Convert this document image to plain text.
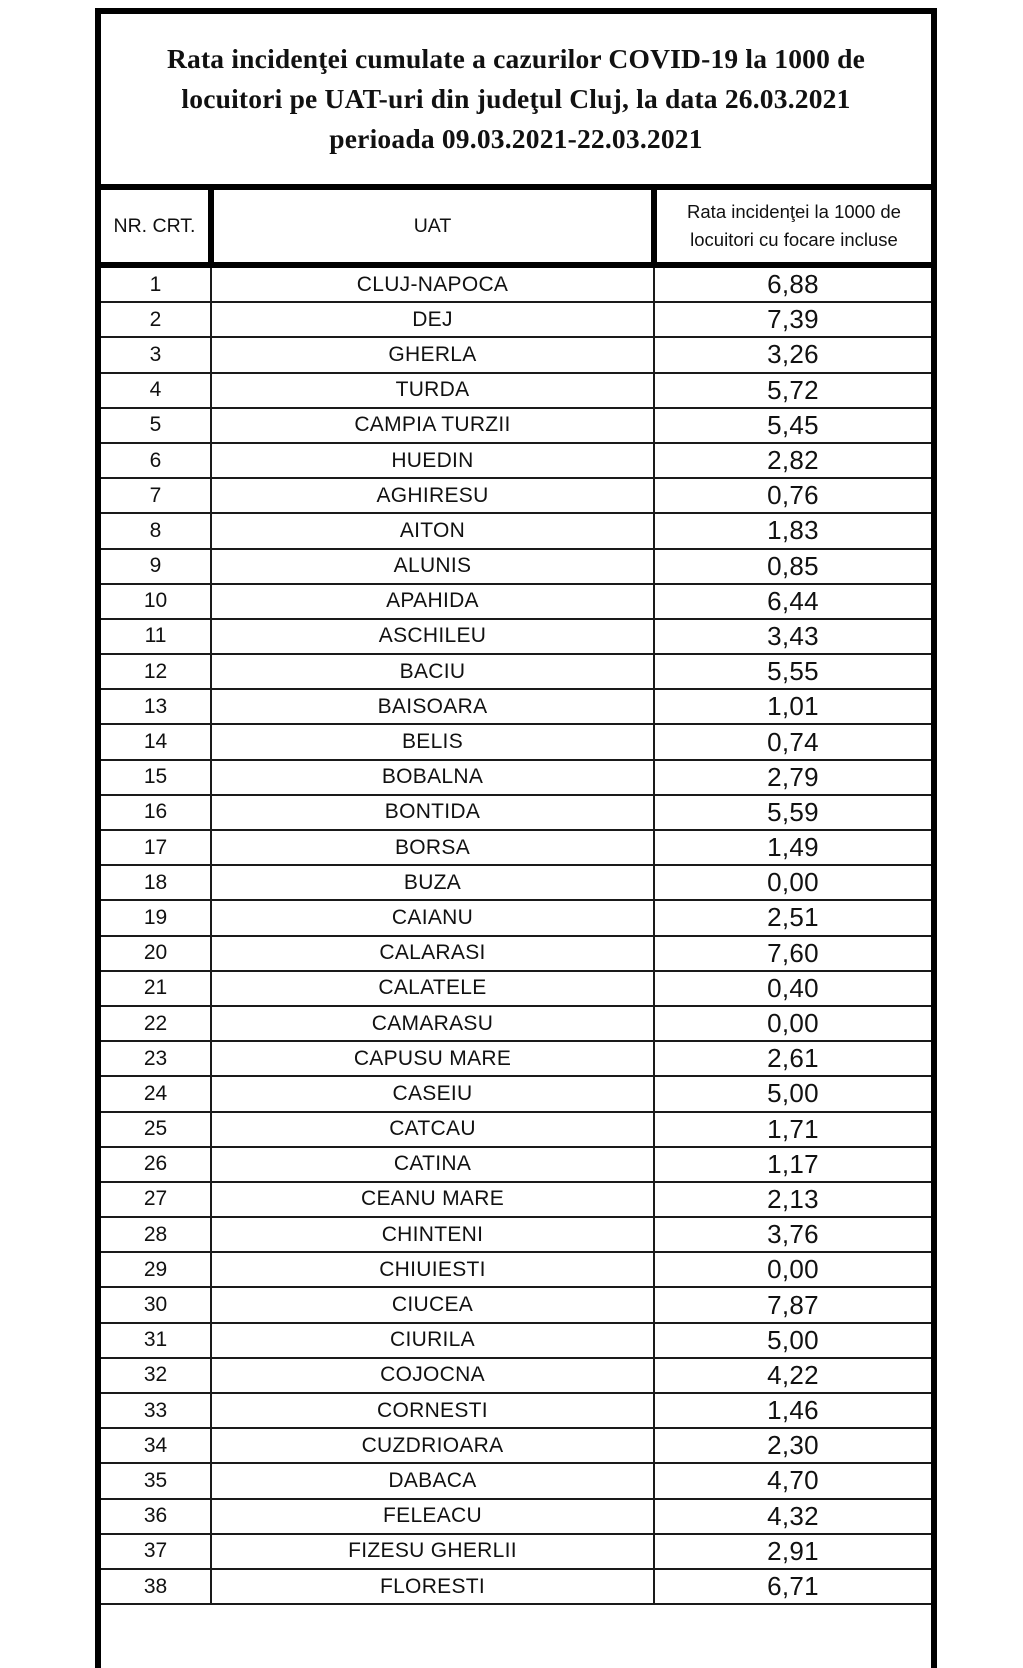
Rata incidenţei cumulate a cazurilor COVID-19 la 1000 de
locuitori pe UAT-uri din judeţul Cluj, la data 26.03.2021
perioada 09.03.2021-22.03.2021
NR. CRT.	UAT	Rata incidenţei la 1000 de
locuitori cu focare incluse

1	CLUJ-NAPOCA	6,88
2	DEJ	7,39
3	GHERLA	3,26
4	TURDA	5,72
5	CAMPIA TURZII	5,45
6	HUEDIN	2,82
7	AGHIRESU	0,76
8	AITON	1,83
9	ALUNIS	0,85
10	APAHIDA	6,44
11	ASCHILEU	3,43
12	BACIU	5,55
13	BAISOARA	1,01
14	BELIS	0,74
15	BOBALNA	2,79
16	BONTIDA	5,59
17	BORSA	1,49
18	BUZA	0,00
19	CAIANU	2,51
20	CALARASI	7,60
21	CALATELE	0,40
22	CAMARASU	0,00
23	CAPUSU MARE	2,61
24	CASEIU	5,00
25	CATCAU	1,71
26	CATINA	1,17
27	CEANU MARE	2,13
28	CHINTENI	3,76
29	CHIUIESTI	0,00
30	CIUCEA	7,87
31	CIURILA	5,00
32	COJOCNA	4,22
33	CORNESTI	1,46
34	CUZDRIOARA	2,30
35	DABACA	4,70
36	FELEACU	4,32
37	FIZESU GHERLII	2,91
38	FLORESTI	6,71
